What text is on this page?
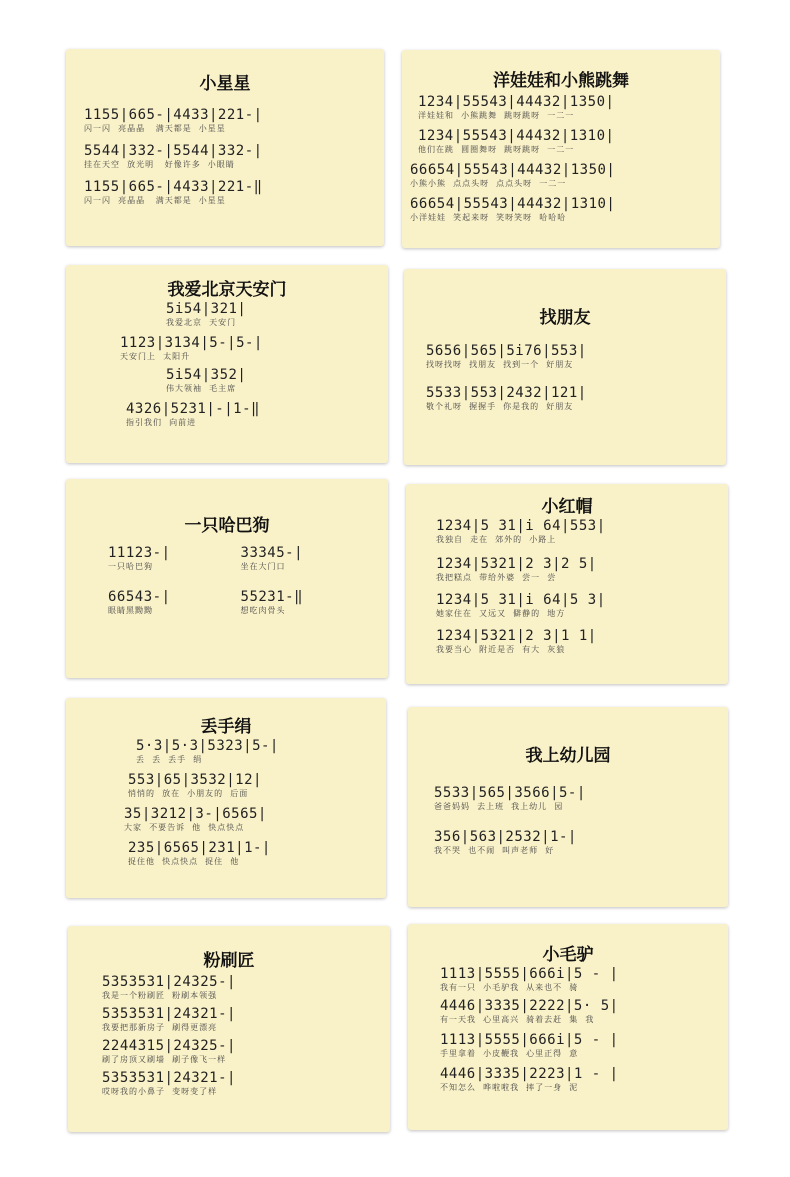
小星星
1155|665-|4433|221-|
闪一闪  亮晶晶   满天都是  小星星
5544|332-|5544|332-|
挂在天空  放光明   好像许多  小眼睛
1155|665-|4433|221-‖
闪一闪  亮晶晶   满天都是  小星星
洋娃娃和小熊跳舞
1234|55543|44432|1350|
洋娃娃和  小熊跳舞  跳呀跳呀  一二一
1234|55543|44432|1310|
他们在跳  圆圈舞呀  跳呀跳呀  一二一
66654|55543|44432|1350|
小熊小熊  点点头呀  点点头呀  一二一
66654|55543|44432|1310|
小洋娃娃  笑起来呀  笑呀笑呀  哈哈哈
我爱北京天安门
5i54|321|
我爱北京  天安门
1123|3134|5-|5-|
天安门上  太阳升
5i54|352|
伟大领袖  毛主席
4326|5231|-|1-‖
指引我们  向前进
找朋友
5656|565|5i76|553|
找呀找呀  找朋友  找到一个  好朋友
5533|553|2432|121|
敬个礼呀  握握手  你是我的  好朋友
一只哈巴狗
11123-|
一只哈巴狗
33345-|
坐在大门口
66543-|
眼睛黑黝黝
55231-‖
想吃肉骨头
小红帽
1234|5 31|i 64|553|
我独自  走在  郊外的  小路上
1234|5321|2 3|2 5|
我把糕点  带给外婆  尝一  尝
1234|5 31|i 64|5 3|
她家住在  又远又  僻静的  地方
1234|5321|2 3|1 1|
我要当心  附近是否  有大  灰狼
丢手绢
5·3|5·3|5323|5-|
丢  丢  丢手  绢
553|65|3532|12|
悄悄的  放在  小朋友的  后面
35|3212|3-|6565|
大家  不要告诉  他  快点快点
235|6565|231|1-|
捉住他  快点快点  捉住  他
我上幼儿园
5533|565|3566|5-|
爸爸妈妈  去上班  我上幼儿  园
356|563|2532|1-|
我不哭  也不闹  叫声老师  好
粉刷匠
5353531|24325-|
我是一个粉刷匠  粉刷本领强
5353531|24321-|
我要把那新房子  刷得更漂亮
2244315|24325-|
刷了房顶又刷墙  刷子像飞一样
5353531|24321-|
哎呀我的小鼻子  变呀变了样
小毛驴
1113|5555|666i|5 - |
我有一只  小毛驴我  从来也不  骑
4446|3335|2222|5· 5|
有一天我  心里高兴  骑着去赶  集  我
1113|5555|666i|5 - |
手里拿着  小皮鞭我  心里正得  意
4446|3335|2223|1 - |
不知怎么  哗啦啦我  摔了一身  泥
